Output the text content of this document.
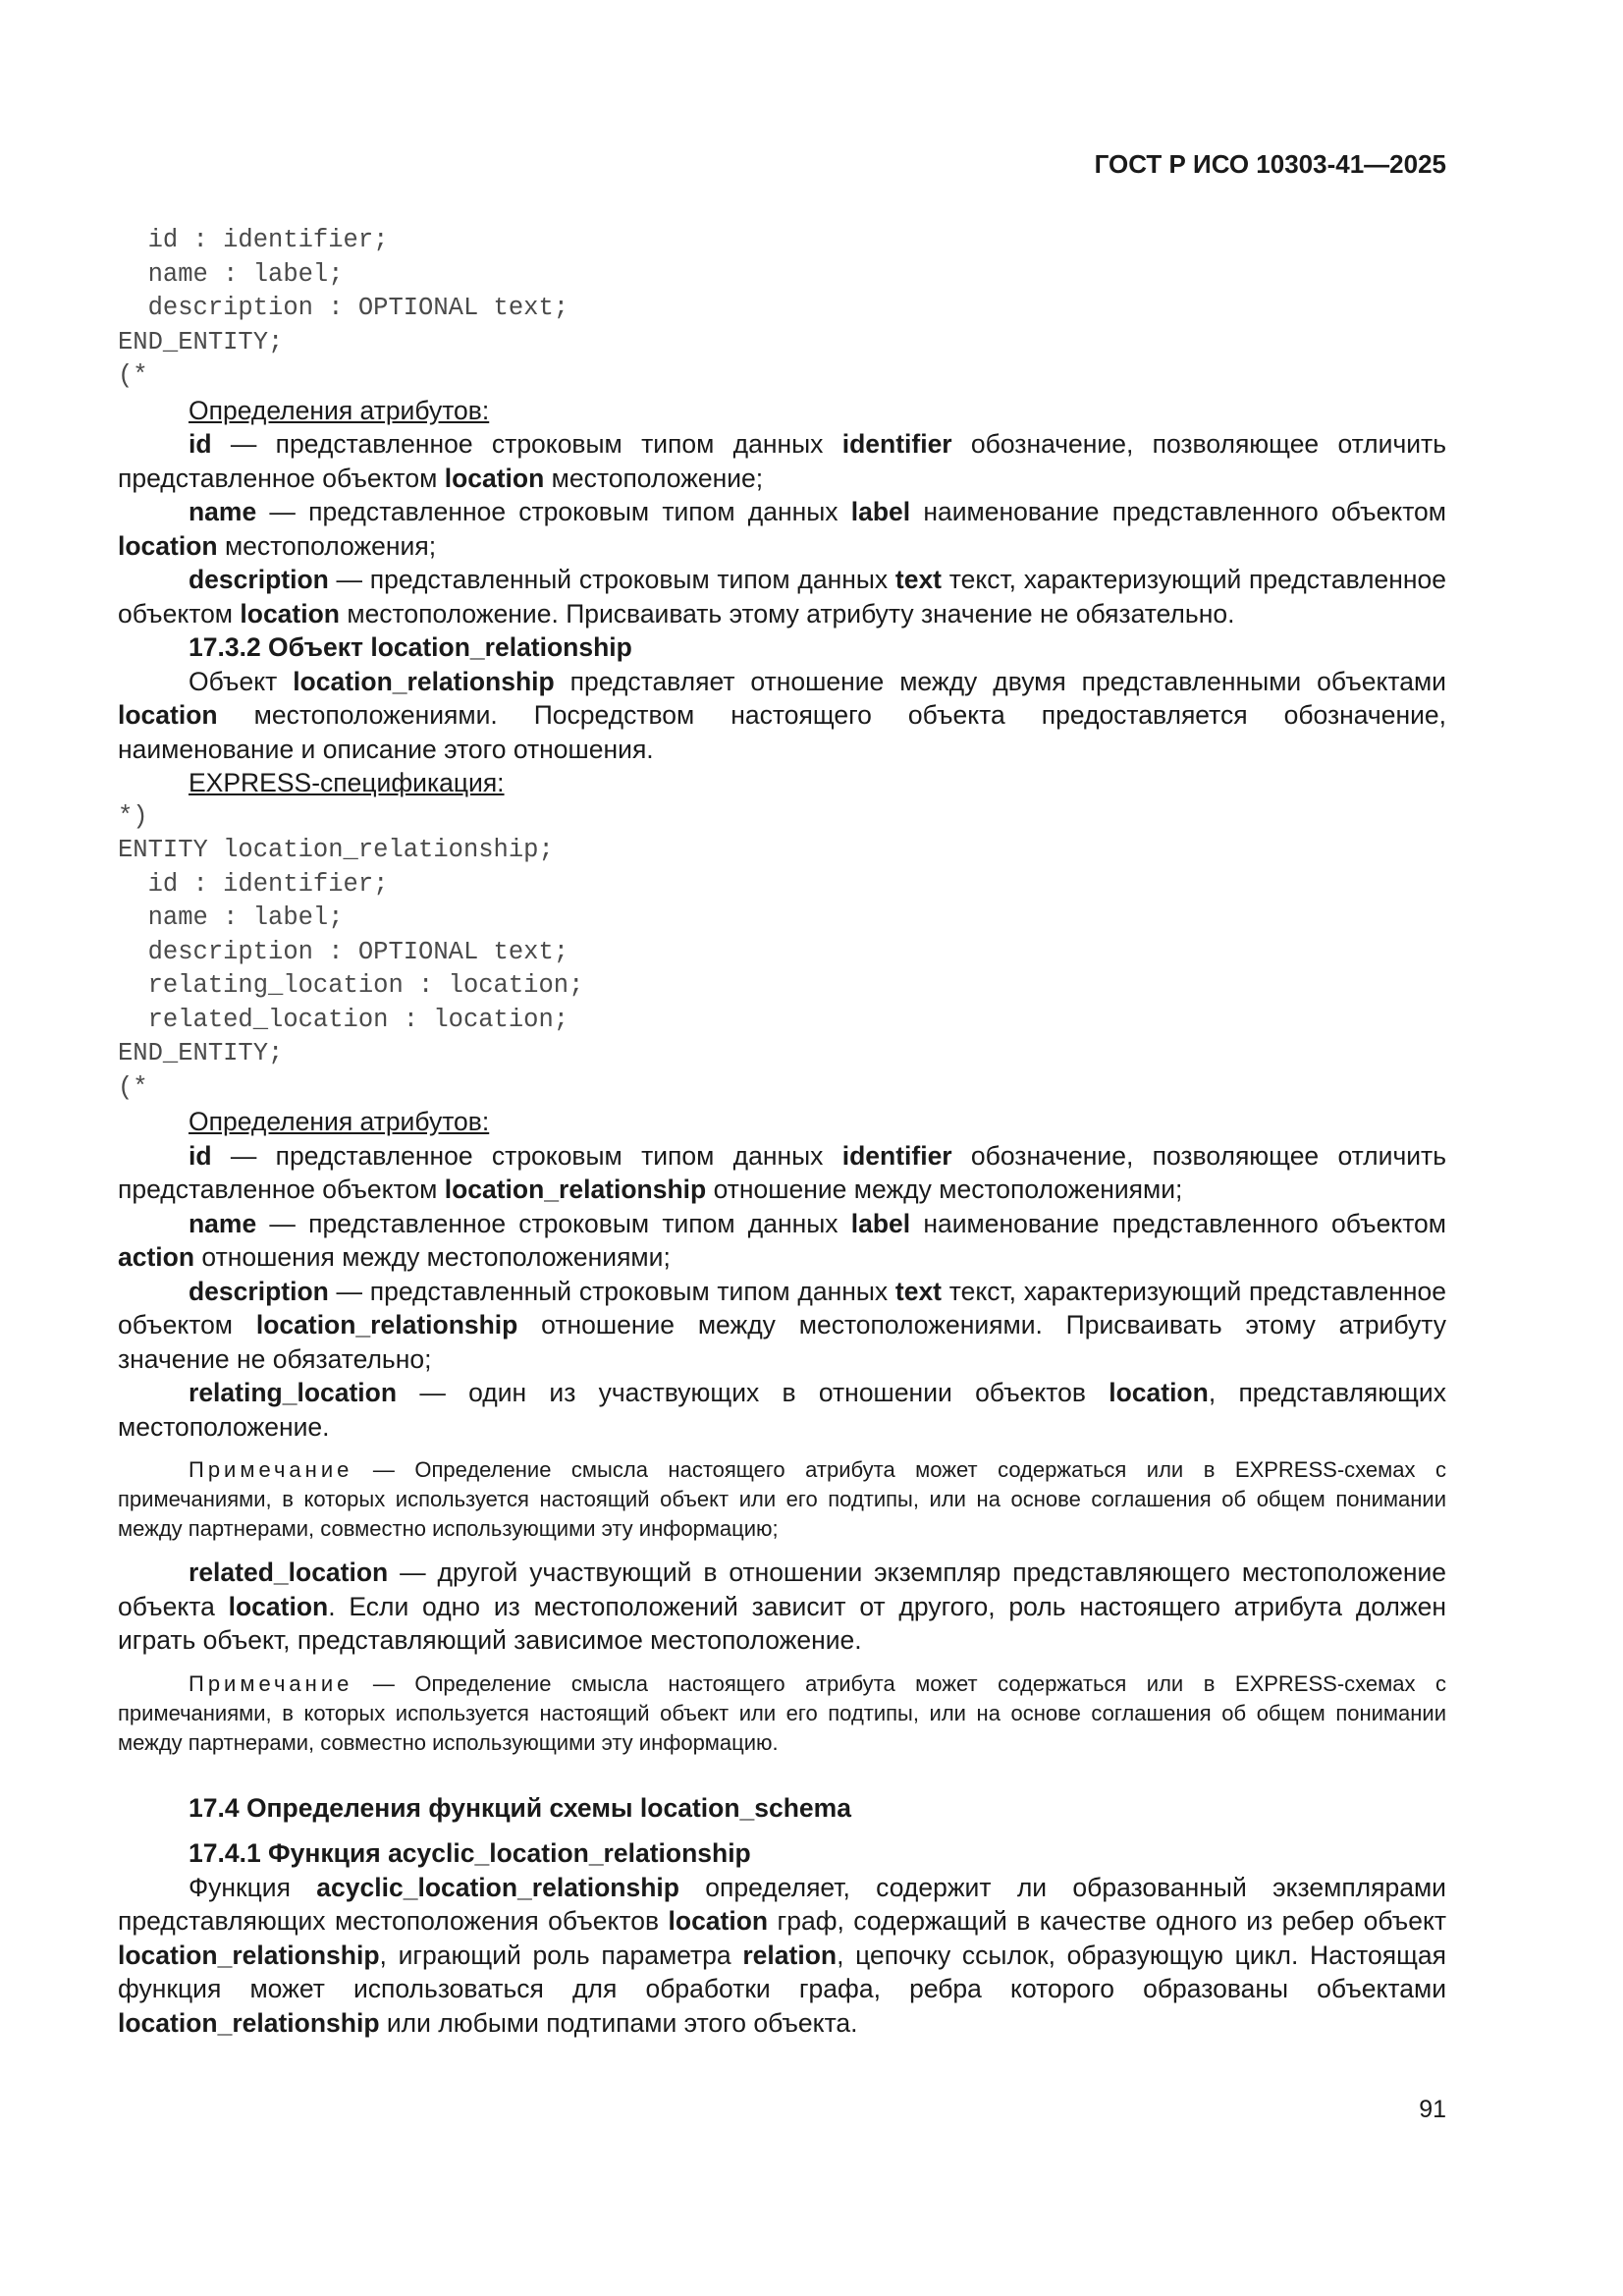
ГОСТ Р ИСО 10303-41—2025
id : identifier;
name : label;
description : OPTIONAL text;
END_ENTITY;
(*
Определения атрибутов:

id — представленное строковым типом данных identifier обозначение, позволяющее отличить представленное объектом location местоположение;

name — представленное строковым типом данных label наименование представленного объектом location местоположения;

description — представленный строковым типом данных text текст, характеризующий представленное объектом location местоположение. Присваивать этому атрибуту значение не обязательно.

17.3.2 Объект location_relationship

Объект location_relationship представляет отношение между двумя представленными объектами location местоположениями. Посредством настоящего объекта предоставляется обозначение, наименование и описание этого отношения.

EXPRESS-спецификация:
*)
ENTITY location_relationship;
id : identifier;
name : label;
description : OPTIONAL text;
relating_location : location;
related_location : location;
END_ENTITY;
(*
Определения атрибутов:

id — представленное строковым типом данных identifier обозначение, позволяющее отличить представленное объектом location_relationship отношение между местоположениями;

name — представленное строковым типом данных label наименование представленного объектом action отношения между местоположениями;

description — представленный строковым типом данных text текст, характеризующий представленное объектом location_relationship отношение между местоположениями. Присваивать этому атрибуту значение не обязательно;

relating_location — один из участвующих в отношении объектов location, представляющих местоположение.

Примечание — Определение смысла настоящего атрибута может содержаться или в EXPRESS-схемах с примечаниями, в которых используется настоящий объект или его подтипы, или на основе соглашения об общем понимании между партнерами, совместно использующими эту информацию;

related_location — другой участвующий в отношении экземпляр представляющего местоположение объекта location. Если одно из местоположений зависит от другого, роль настоящего атрибута должен играть объект, представляющий зависимое местоположение.

Примечание — Определение смысла настоящего атрибута может содержаться или в EXPRESS-схемах с примечаниями, в которых используется настоящий объект или его подтипы, или на основе соглашения об общем понимании между партнерами, совместно использующими эту информацию.

17.4 Определения функций схемы location_schema
17.4.1 Функция acyclic_location_relationship

Функция acyclic_location_relationship определяет, содержит ли образованный экземплярами представляющих местоположения объектов location граф, содержащий в качестве одного из ребер объект location_relationship, играющий роль параметра relation, цепочку ссылок, образующую цикл. Настоящая функция может использоваться для обработки графа, ребра которого образованы объектами location_relationship или любыми подтипами этого объекта.

91
